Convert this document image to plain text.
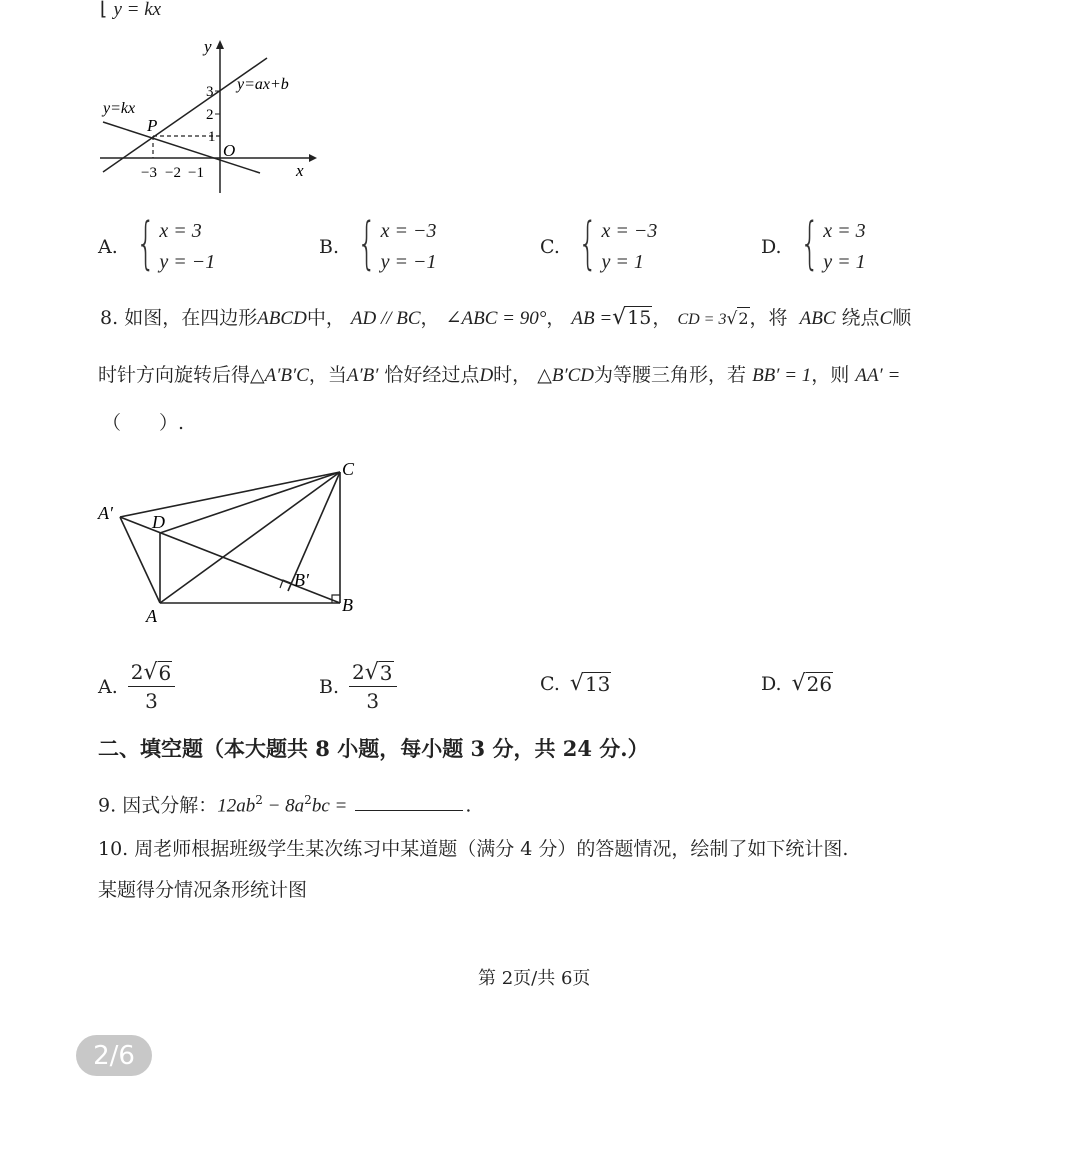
⌊ y = kx
y
x
O
P
y=ax+b
y=kx
3
2
1
−3 −2 −1
A. { x = 3
y = −1
B. { x = −3
y = −1
C. { x = −3
y = 1
D. { x = 3
y = 1
8. 如图，在四边形ABCD中， AD // BC， ∠ABC = 90°， AB = √ 15 ， CD = 3 √ 2 ，将 ABC 绕点C顺
时针方向旋转后得△A′B′C，当A′B′ 恰好经过点D时， △B′CD为等腰三角形，若 BB′ = 1，则 AA′ =
（　　）.
A′ D
C
B′
A
B
A. $\frac{2 √ 6}{3}$	B. $\frac{2 √ 3}{3}$	C. √ 13	D. √ 26
二、填空题（本大题共 8 小题，每小题 3 分，共 24 分.）
9. 因式分解：$12ab^2 - 8a^2bc$ =	.
10. 周老师根据班级学生某次练习中某道题（满分 4 分）的答题情况，绘制了如下统计图.
某题得分情况条形统计图
第 2页/共 6页
2/6
